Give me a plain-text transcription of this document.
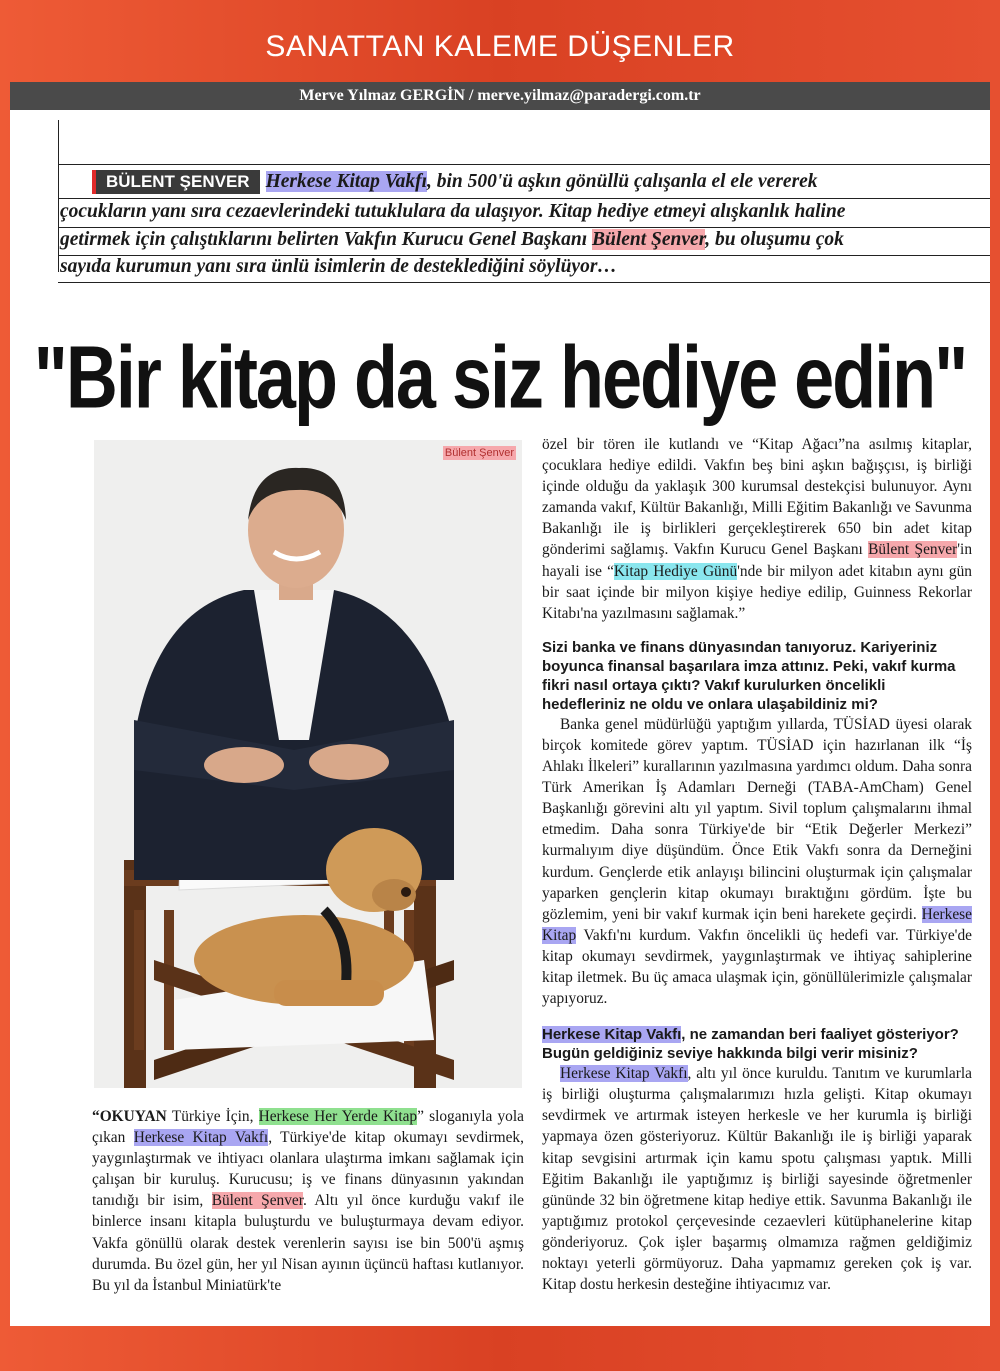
SANATTAN KALEME DÜŞENLER
Merve Yılmaz GERGİN / merve.yilmaz@paradergi.com.tr
BÜLENT ŞENVER Herkese Kitap Vakfı, bin 500'ü aşkın gönüllü çalışanla el ele vererek
çocukların yanı sıra cezaevlerindeki tutuklulara da ulaşıyor. Kitap hediye etmeyi alışkanlık haline
getirmek için çalıştıklarını belirten Vakfın Kurucu Genel Başkanı Bülent Şenver, bu oluşumu çok
sayıda kurumun yanı sıra ünlü isimlerin de desteklediğini söylüyor…
"Bir kitap da siz hediye edin"
Bülent Şenver

“OKUYAN Türkiye İçin, Herkese Her Yerde Kitap” sloganıyla yola çıkan Herkese Kitap Vakfı, Türkiye'de kitap okumayı sevdirmek, yaygınlaştırmak ve ihtiyacı olanlara ulaştırma imkanı sağlamak için çalışan bir kuruluş. Kurucusu; iş ve finans dünyasının yakından tanıdığı bir isim, Bülent Şenver. Altı yıl önce kurduğu vakıf ile binlerce insanı kitapla buluşturdu ve buluşturmaya devam ediyor. Vakfa gönüllü olarak destek verenlerin sayısı ise bin 500'ü aşmış durumda. Bu özel gün, her yıl Nisan ayının üçüncü haftası kutlanıyor. Bu yıl da İstanbul Miniatürk'te

özel bir tören ile kutlandı ve “Kitap Ağacı”na asılmış kitaplar, çocuklara hediye edildi. Vakfın beş bini aşkın bağışçısı, iş birliği içinde olduğu da yaklaşık 300 kurumsal destekçisi bulunuyor. Aynı zamanda vakıf, Kültür Bakanlığı, Milli Eğitim Bakanlığı ve Savunma Bakanlığı ile iş birlikleri gerçekleştirerek 650 bin adet kitap gönderimi sağlamış. Vakfın Kurucu Genel Başkanı Bülent Şenver'in hayali ise “Kitap Hediye Günü'nde bir milyon adet kitabın aynı gün bir saat içinde bir milyon kişiye hediye edilip, Guinness Rekorlar Kitabı'na yazılmasını sağlamak.”

Sizi banka ve finans dünyasından tanıyoruz. Kariyeriniz boyunca finansal başarılara imza attınız. Peki, vakıf kurma fikri nasıl ortaya çıktı? Vakıf kurulurken öncelikli hedefleriniz ne oldu ve onlara ulaşabildiniz mi?

Banka genel müdürlüğü yaptığım yıllarda, TÜSİAD üyesi olarak birçok komitede görev yaptım. TÜSİAD için hazırlanan ilk “İş Ahlakı İlkeleri” kurallarının yazılmasına yardımcı oldum. Daha sonra Türk Amerikan İş Adamları Derneği (TABA-AmCham) Genel Başkanlığı görevini altı yıl yaptım. Sivil toplum çalışmalarını ihmal etmedim. Daha sonra Türkiye'de bir “Etik Değerler Merkezi” kurmalıyım diye düşündüm. Önce Etik Vakfı sonra da Derneğini kurdum. Gençlerde etik anlayışı bilincini oluşturmak için çalışmalar yaparken gençlerin kitap okumayı bıraktığını gördüm. İşte bu gözlemim, yeni bir vakıf kurmak için beni harekete geçirdi. Herkese Kitap Vakfı'nı kurdum. Vakfın öncelikli üç hedefi var. Türkiye'de kitap okumayı sevdirmek, yaygınlaştırmak ve ihtiyaç sahiplerine kitap iletmek. Bu üç amaca ulaşmak için, gönüllülerimizle çalışmalar yapıyoruz.

Herkese Kitap Vakfı, ne zamandan beri faaliyet gösteriyor? Bugün geldiğiniz seviye hakkında bilgi verir misiniz?

Herkese Kitap Vakfı, altı yıl önce kuruldu. Tanıtım ve kurumlarla iş birliği oluşturma çalışmalarımızı hızla gelişti. Kitap okumayı sevdirmek ve artırmak isteyen herkesle ve her kurumla iş birliği yapmaya özen gösteriyoruz. Kültür Bakanlığı ile iş birliği yaparak kitap sevgisini artırmak için kamu spotu çalışması yaptık. Milli Eğitim Bakanlığı ile yaptığımız iş birliği sayesinde öğretmenler gününde 32 bin öğretmene kitap hediye ettik. Savunma Bakanlığı ile yaptığımız protokol çerçevesinde cezaevleri kütüphanelerine kitap gönderiyoruz. Çok işler başarmış olmamıza rağmen geldiğimiz noktayı yeterli görmüyoruz. Daha yapmamız gereken çok iş var. Kitap dostu herkesin desteğine ihtiyacımız var.
